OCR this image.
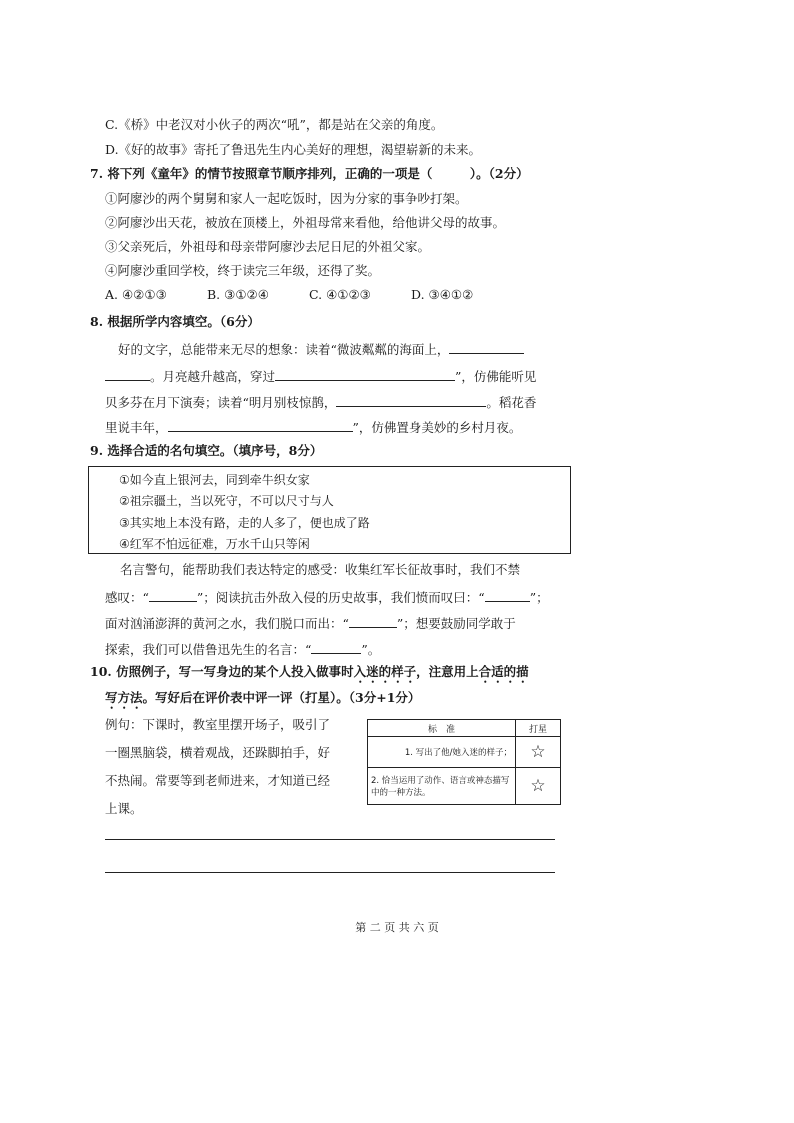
C.《桥》中老汉对小伙子的两次“吼”，都是站在父亲的角度。
D.《好的故事》寄托了鲁迅先生内心美好的理想，渴望崭新的未来。
7. 将下列《童年》的情节按照章节顺序排列，正确的一项是（　　　）。（2分）
①阿廖沙的两个舅舅和家人一起吃饭时，因为分家的事争吵打架。
②阿廖沙出天花，被放在顶楼上，外祖母常来看他，给他讲父母的故事。
③父亲死后，外祖母和母亲带阿廖沙去尼日尼的外祖父家。
④阿廖沙重回学校，终于读完三年级，还得了奖。
A. ④②①③	B. ③①②④	C. ④①②③	D. ③④①②
8. 根据所学内容填空。（6分）
好的文字，总能带来无尽的想象：读着“微波粼粼的海面上，
。月亮越升越高，穿过	”，仿佛能听见
贝多芬在月下演奏；读着“明月别枝惊鹊，	。稻花香
里说丰年，	”，仿佛置身美妙的乡村月夜。
9. 选择合适的名句填空。（填序号，8分）
①如今直上银河去，同到牵牛织女家
②祖宗疆土，当以死守，不可以尺寸与人
③其实地上本没有路，走的人多了，便也成了路
④红军不怕远征难，万水千山只等闲
名言警句，能帮助我们表达特定的感受：收集红军长征故事时，我们不禁
感叹：“	”；阅读抗击外敌入侵的历史故事，我们愤而叹曰：“	”；
面对汹涌澎湃的黄河之水，我们脱口而出：“	”；想要鼓励同学敢于
探索，我们可以借鲁迅先生的名言：“	”。
10. 仿照例子，写一写身边的某个人投入做事时入迷的样子，注意用上合适的描
写方法。写好后在评价表中评一评（打星）。（3分+1分）
例句：下课时，教室里摆开场子，吸引了
一圈黑脑袋，横着观战，还跺脚拍手，好
不热闹。常要等到老师进来，才知道已经
上课。
标　准	打星
1. 写出了他/她入迷的样子；	☆
2. 恰当运用了动作、语言或神态描写中的一种方法。	☆
第 二 页 共 六 页
